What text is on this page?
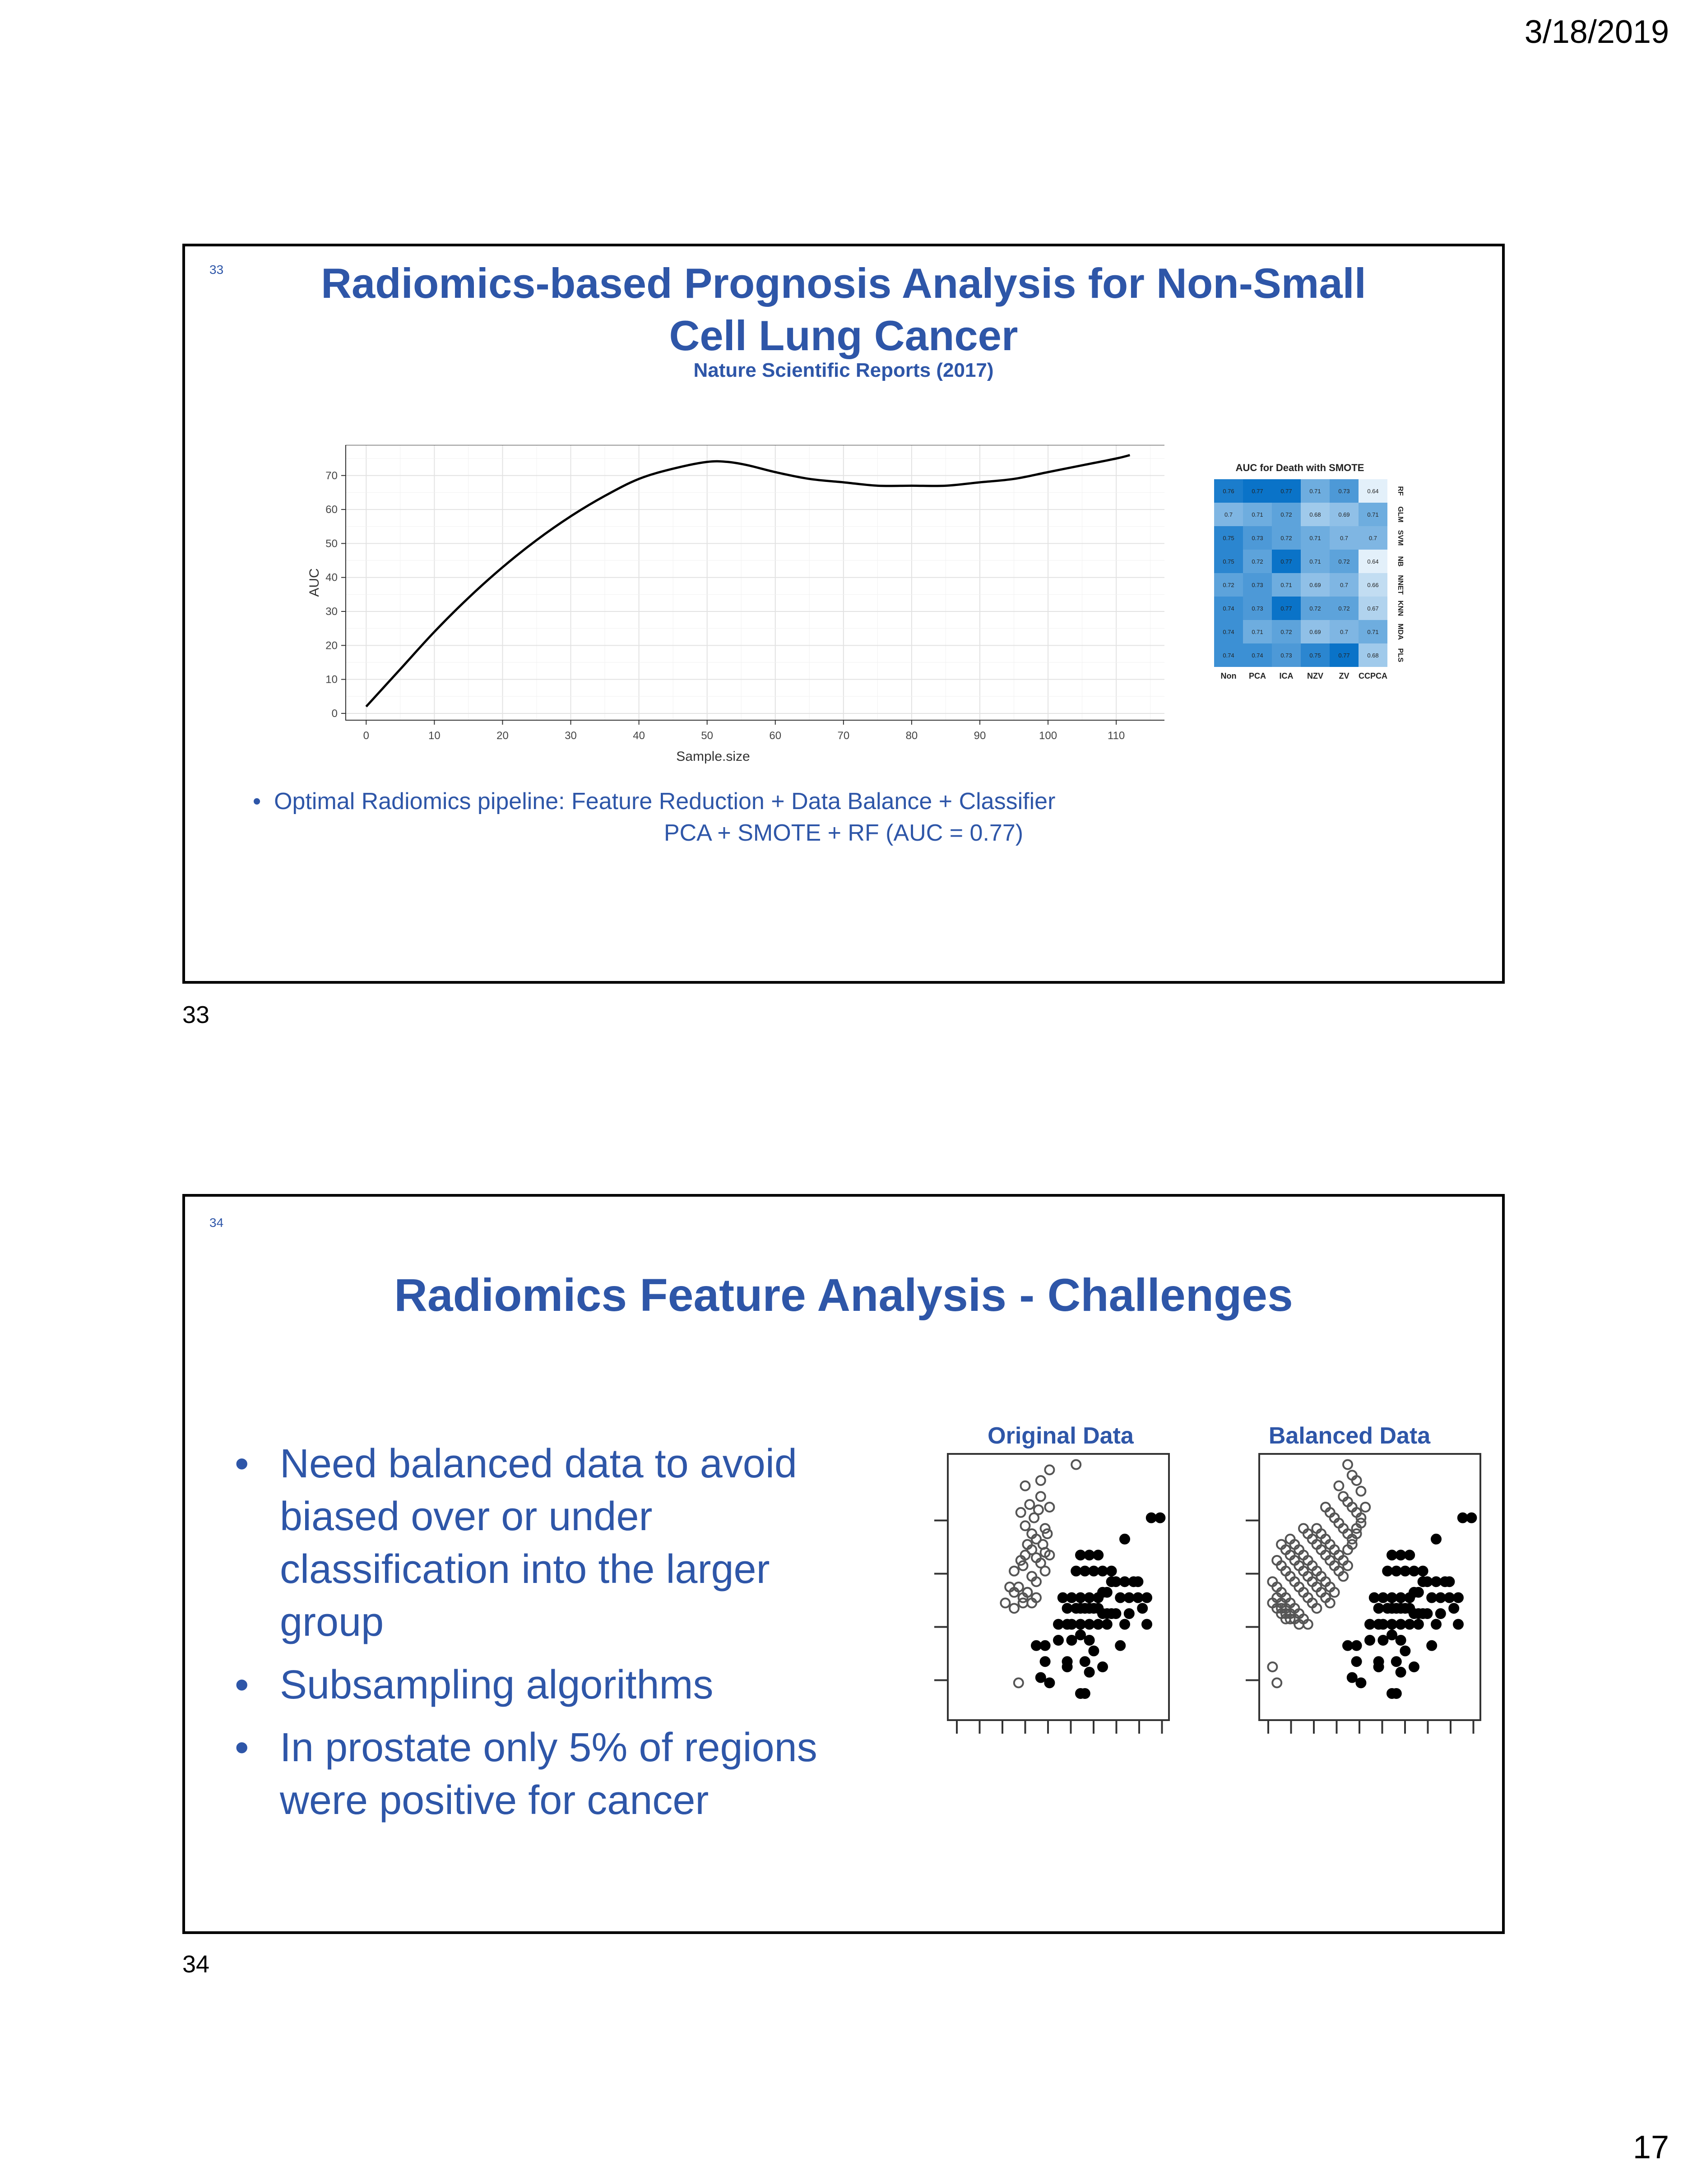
3/18/2019
17
33	Radiomics-based Prognosis Analysis for Non-Small
Cell Lung Cancer
Nature Scientific Reports (2017)
0	10	20	30	40	50	60	70	80	90	100	110
0
10
20
30
40
50
60
70
Sample.size
AUC
AUC for Death with SMOTE
0.76	0.77	0.77	0.71	0.73	0.64
0.7	0.71	0.72	0.68	0.69	0.71
0.75	0.73	0.72	0.71	0.7	0.7
0.75	0.72	0.77	0.71	0.72	0.64
0.72	0.73	0.71	0.69	0.7	0.66
0.74	0.73	0.77	0.72	0.72	0.67
0.74	0.71	0.72	0.69	0.7	0.71
0.74	0.74	0.73	0.75	0.77	0.68
Non PCA ICA NZV ZV CCPCA
RF
GLM
SVM
NB
NNET
KNN
MDA
PLS
•  Optimal Radiomics pipeline: Feature Reduction + Data Balance + Classifier
PCA + SMOTE + RF (AUC = 0.77)
33
34
Radiomics Feature Analysis - Challenges
• Need balanced data to avoid
biased over or under
classification into the larger
group
• Subsampling algorithms
• In prostate only 5% of regions
were positive for cancer
Original Data	Balanced Data
34
